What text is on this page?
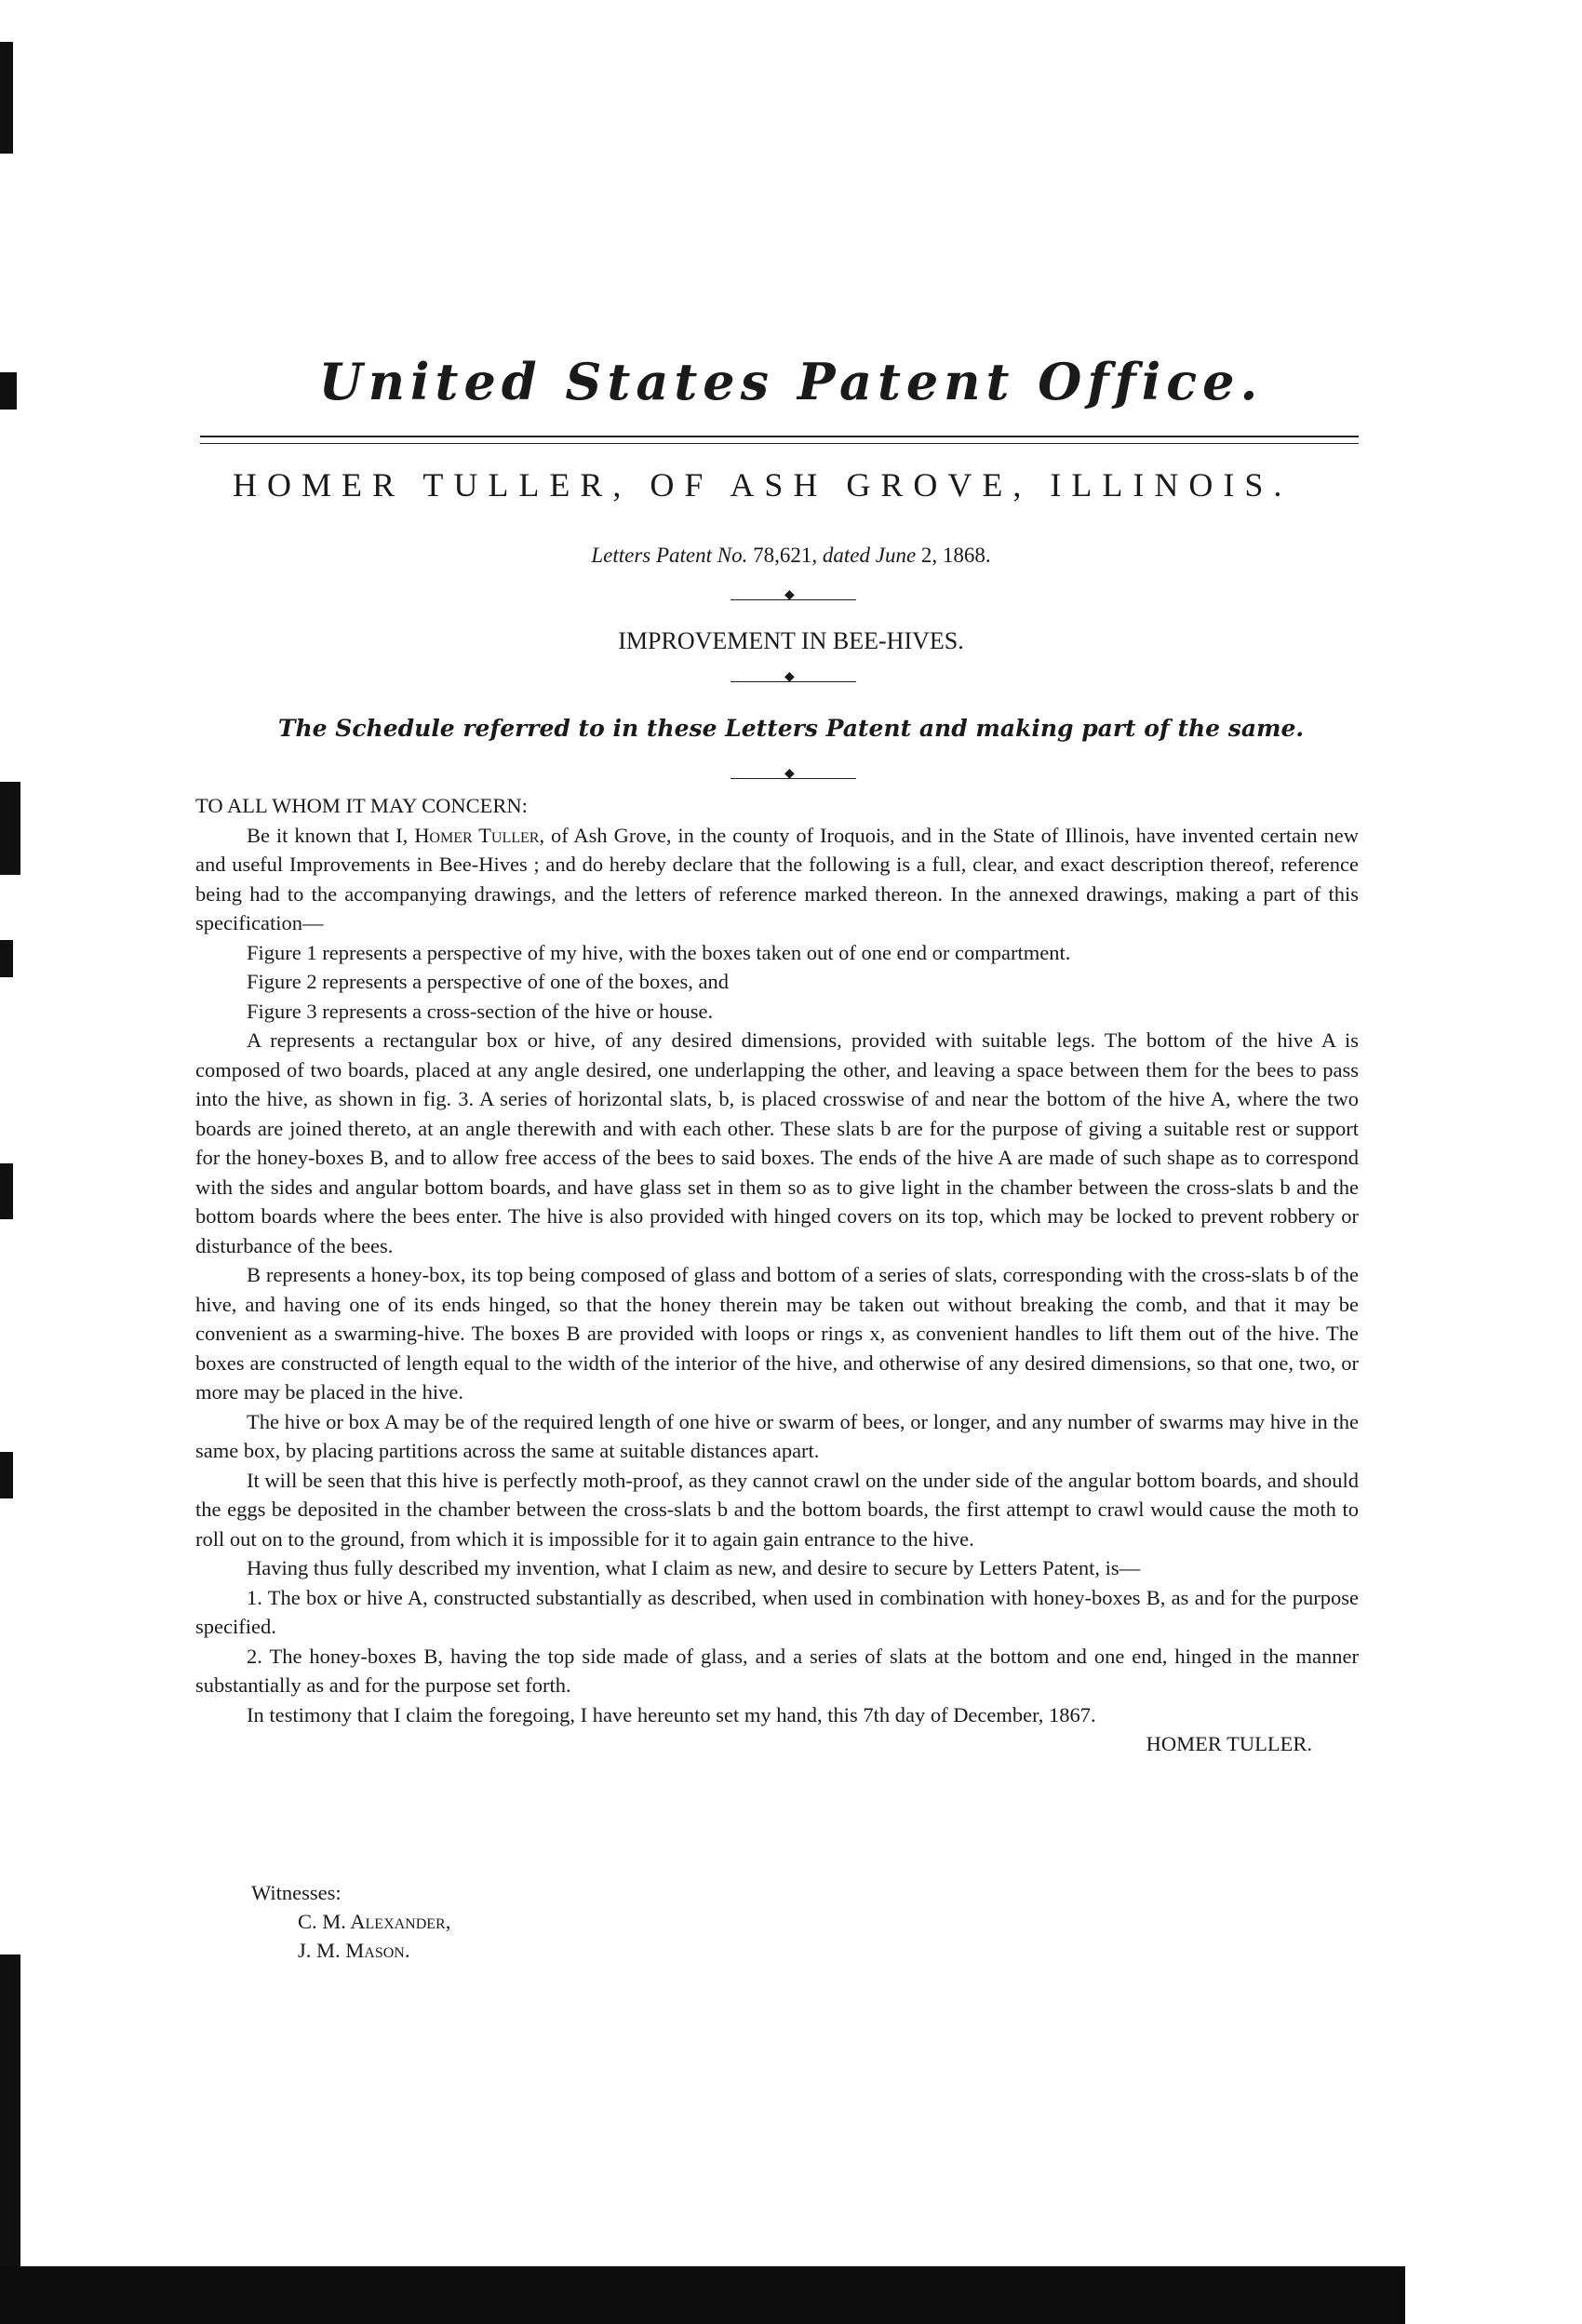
United States Patent Office.
HOMER TULLER, OF ASH GROVE, ILLINOIS.
Letters Patent No. 78,621, dated June 2, 1868.
◆
IMPROVEMENT IN BEE-HIVES.
◆
The Schedule referred to in these Letters Patent and making part of the same.
◆

TO ALL WHOM IT MAY CONCERN:

Be it known that I, Homer Tuller, of Ash Grove, in the county of Iroquois, and in the State of Illinois, have invented certain new and useful Improvements in Bee-Hives ; and do hereby declare that the following is a full, clear, and exact description thereof, reference being had to the accompanying drawings, and the letters of reference marked thereon. In the annexed drawings, making a part of this specification—

Figure 1 represents a perspective of my hive, with the boxes taken out of one end or compartment.

Figure 2 represents a perspective of one of the boxes, and

Figure 3 represents a cross-section of the hive or house.

A represents a rectangular box or hive, of any desired dimensions, provided with suitable legs. The bottom of the hive A is composed of two boards, placed at any angle desired, one underlapping the other, and leaving a space between them for the bees to pass into the hive, as shown in fig. 3. A series of horizontal slats, b, is placed crosswise of and near the bottom of the hive A, where the two boards are joined thereto, at an angle therewith and with each other. These slats b are for the purpose of giving a suitable rest or support for the honey-boxes B, and to allow free access of the bees to said boxes. The ends of the hive A are made of such shape as to correspond with the sides and angular bottom boards, and have glass set in them so as to give light in the chamber between the cross-slats b and the bottom boards where the bees enter. The hive is also provided with hinged covers on its top, which may be locked to prevent robbery or disturbance of the bees.

B represents a honey-box, its top being composed of glass and bottom of a series of slats, corresponding with the cross-slats b of the hive, and having one of its ends hinged, so that the honey therein may be taken out without breaking the comb, and that it may be convenient as a swarming-hive. The boxes B are provided with loops or rings x, as convenient handles to lift them out of the hive. The boxes are constructed of length equal to the width of the interior of the hive, and otherwise of any desired dimensions, so that one, two, or more may be placed in the hive.

The hive or box A may be of the required length of one hive or swarm of bees, or longer, and any number of swarms may hive in the same box, by placing partitions across the same at suitable distances apart.

It will be seen that this hive is perfectly moth-proof, as they cannot crawl on the under side of the angular bottom boards, and should the eggs be deposited in the chamber between the cross-slats b and the bottom boards, the first attempt to crawl would cause the moth to roll out on to the ground, from which it is impossible for it to again gain entrance to the hive.

Having thus fully described my invention, what I claim as new, and desire to secure by Letters Patent, is—

1. The box or hive A, constructed substantially as described, when used in combination with honey-boxes B, as and for the purpose specified.

2. The honey-boxes B, having the top side made of glass, and a series of slats at the bottom and one end, hinged in the manner substantially as and for the purpose set forth.

In testimony that I claim the foregoing, I have hereunto set my hand, this 7th day of December, 1867.

HOMER TULLER.

Witnesses:
C. M. Alexander,
J. M. Mason.
